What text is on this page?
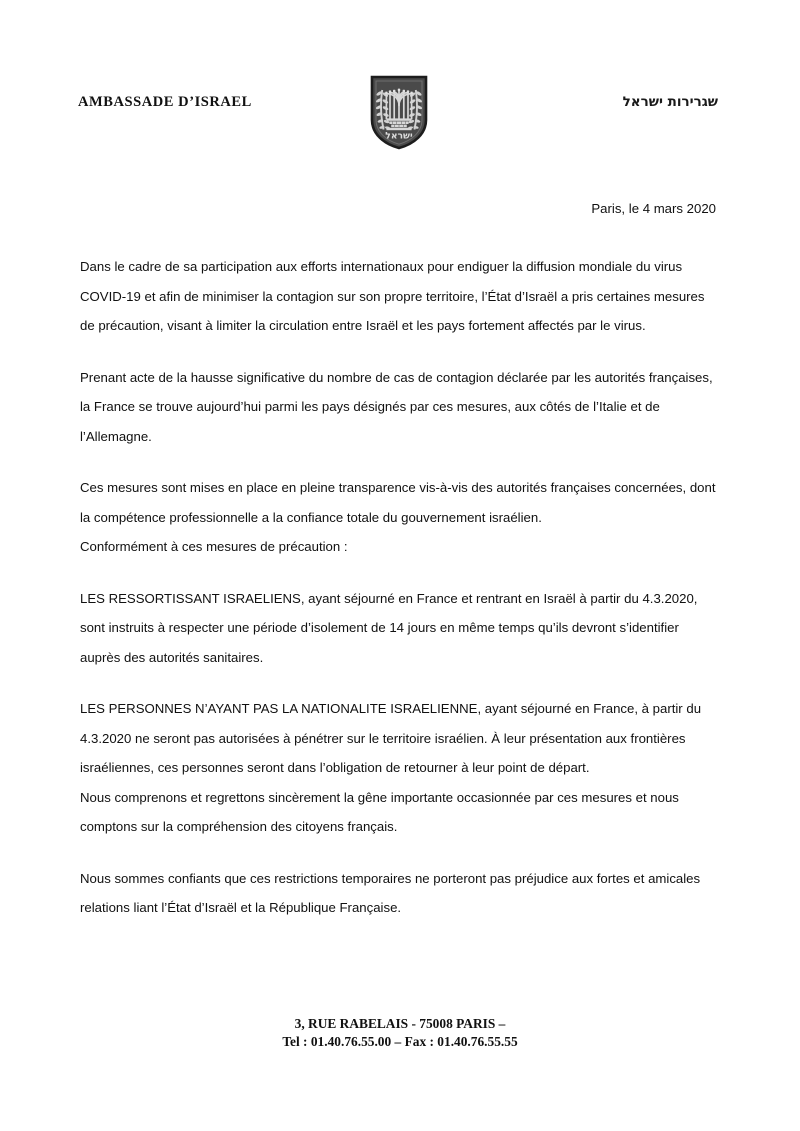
AMBASSADE D’ISRAEL	שגרירות ישראל
ישראל
Paris, le 4 mars 2020

Dans le cadre de sa participation aux efforts internationaux pour endiguer la diffusion mondiale du virus COVID-19 et afin de minimiser la contagion sur son propre territoire, l’État d’Israël a pris certaines mesures de précaution, visant à limiter la circulation entre Israël et les pays fortement affectés par le virus.

Prenant acte de la hausse significative du nombre de cas de contagion déclarée par les autorités françaises, la France se trouve aujourd’hui parmi les pays désignés par ces mesures, aux côtés de l’Italie et de l’Allemagne.

Ces mesures sont mises en place en pleine transparence vis-à-vis des autorités françaises concernées, dont la compétence professionnelle a la confiance totale du gouvernement israélien.

Conformément à ces mesures de précaution :

LES RESSORTISSANT ISRAELIENS, ayant séjourné en France et rentrant en Israël à partir du 4.3.2020, sont instruits à respecter une période d’isolement de 14 jours en même temps qu’ils devront s’identifier auprès des autorités sanitaires.

LES PERSONNES N’AYANT PAS LA NATIONALITE ISRAELIENNE, ayant séjourné en France, à partir du 4.3.2020 ne seront pas autorisées à pénétrer sur le territoire israélien. À leur présentation aux frontières israéliennes, ces personnes seront dans l’obligation de retourner à leur point de départ.

Nous comprenons et regrettons sincèrement la gêne importante occasionnée par ces mesures et nous comptons sur la compréhension des citoyens français.

Nous sommes confiants que ces restrictions temporaires ne porteront pas préjudice aux fortes et amicales relations liant l’État d’Israël et la République Française.

3, RUE RABELAIS - 75008 PARIS –
Tel : 01.40.76.55.00 – Fax : 01.40.76.55.55
